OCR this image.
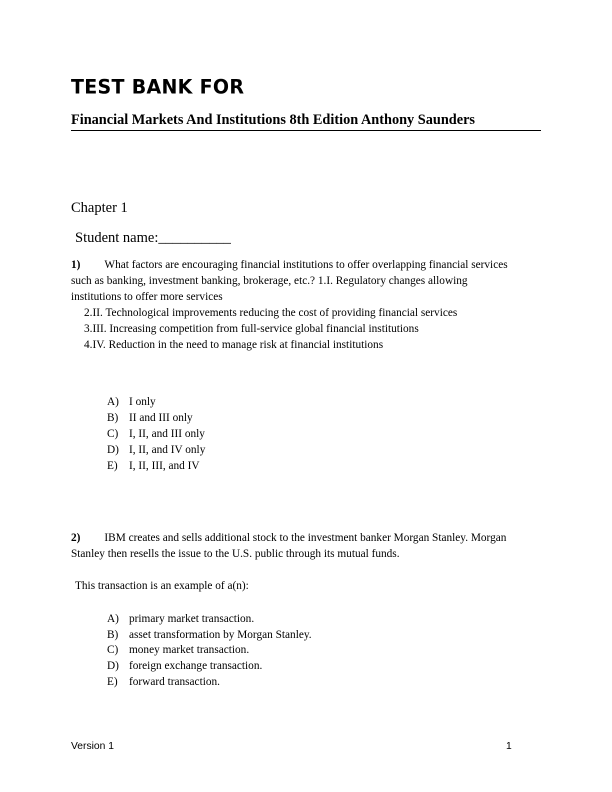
TEST BANK FOR
Financial Markets And Institutions 8th Edition Anthony Saunders
Chapter 1
Student name:__________
1) What factors are encouraging financial institutions to offer overlapping financial services
such as banking, investment banking, brokerage, etc.? 1.I. Regulatory changes allowing
institutions to offer more services
2.II. Technological improvements reducing the cost of providing financial services
3.III. Increasing competition from full-service global financial institutions
4.IV. Reduction in the need to manage risk at financial institutions
A) I only
B) II and III only
C) I, II, and III only
D) I, II, and IV only
E) I, II, III, and IV
2) IBM creates and sells additional stock to the investment banker Morgan Stanley. Morgan
Stanley then resells the issue to the U.S. public through its mutual funds.
This transaction is an example of a(n):
A) primary market transaction.
B) asset transformation by Morgan Stanley.
C) money market transaction.
D) foreign exchange transaction.
E) forward transaction.
Version 1	1
